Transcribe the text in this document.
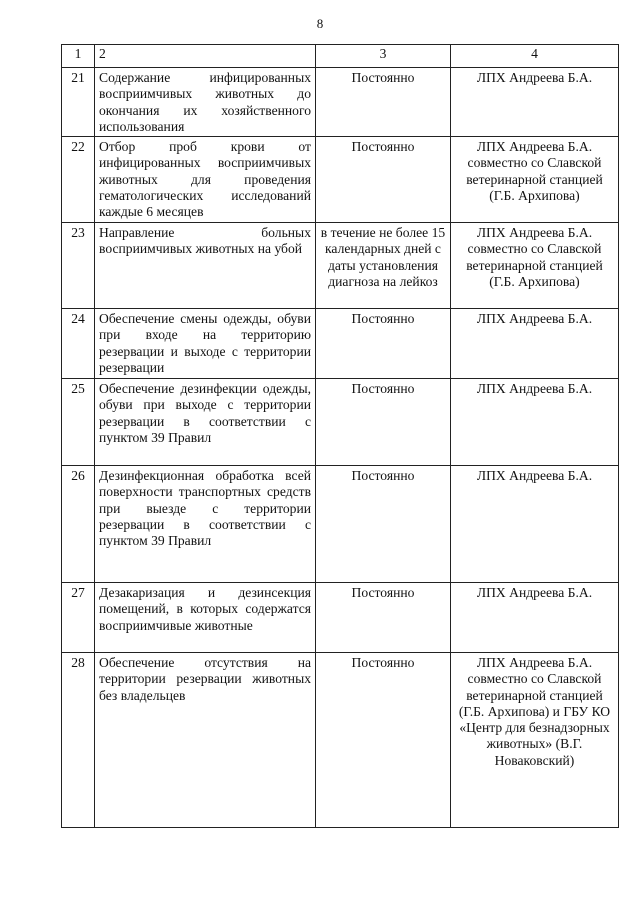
8
1	2	3	4
21	Содержание инфицированных восприимчивых животных до окончания их хозяйственного использования	Постоянно	ЛПХ Андреева Б.А.
22	Отбор проб крови от инфицированных восприимчивых животных для проведения гематологических исследований каждые 6 месяцев	Постоянно	ЛПХ Андреева Б.А. совместно со Славской ветеринарной станцией (Г.Б. Архипова)
23	Направление больных восприимчивых животных на убой	в течение не более 15 календарных дней с даты установления диагноза на лейкоз	ЛПХ Андреева Б.А. совместно со Славской ветеринарной станцией (Г.Б. Архипова)
24	Обеспечение смены одежды, обуви при входе на территорию резервации и выходе с территории резервации	Постоянно	ЛПХ Андреева Б.А.
25	Обеспечение дезинфекции одежды, обуви при выходе с территории резервации в соответствии с пунктом 39 Правил	Постоянно	ЛПХ Андреева Б.А.
26	Дезинфекционная обработка всей поверхности транспортных средств при выезде с территории резервации в соответствии с пунктом 39 Правил	Постоянно	ЛПХ Андреева Б.А.
27	Дезакаризация и дезинсекция помещений, в которых содержатся восприимчивые животные	Постоянно	ЛПХ Андреева Б.А.
28	Обеспечение отсутствия на территории резервации животных без владельцев	Постоянно	ЛПХ Андреева Б.А. совместно со Славской ветеринарной станцией (Г.Б. Архипова) и ГБУ КО «Центр для безнадзорных животных» (В.Г. Новаковский)
